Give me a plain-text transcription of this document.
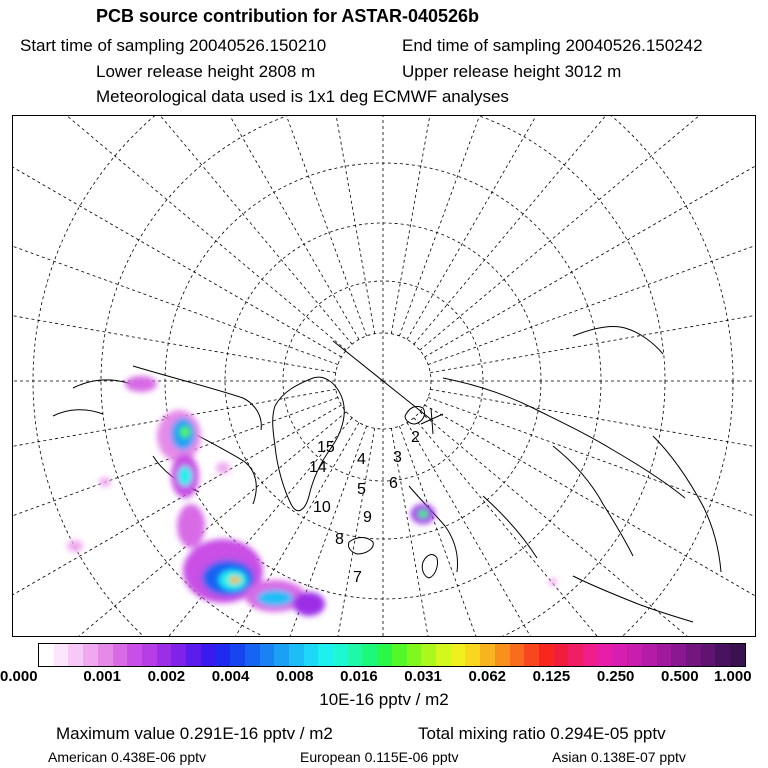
PCB source contribution for ASTAR-040526b
Start time of sampling 20040526.150210	End time of sampling 20040526.150242
Lower release height 2808 m	Upper release height 3012 m
Meteorological data used is 1x1 deg ECMWF analyses
2
3
4
5 6
7
8
9
10
14
15
0.000	0.001 0.002 0.004 0.008 0.016 0.031 0.062 0.125 0.250 0.500 1.000
10E-16 pptv / m2
Maximum value 0.291E-16 pptv / m2	Total mixing ratio 0.294E-05 pptv
American 0.438E-06 pptv	European 0.115E-06 pptv	Asian 0.138E-07 pptv
